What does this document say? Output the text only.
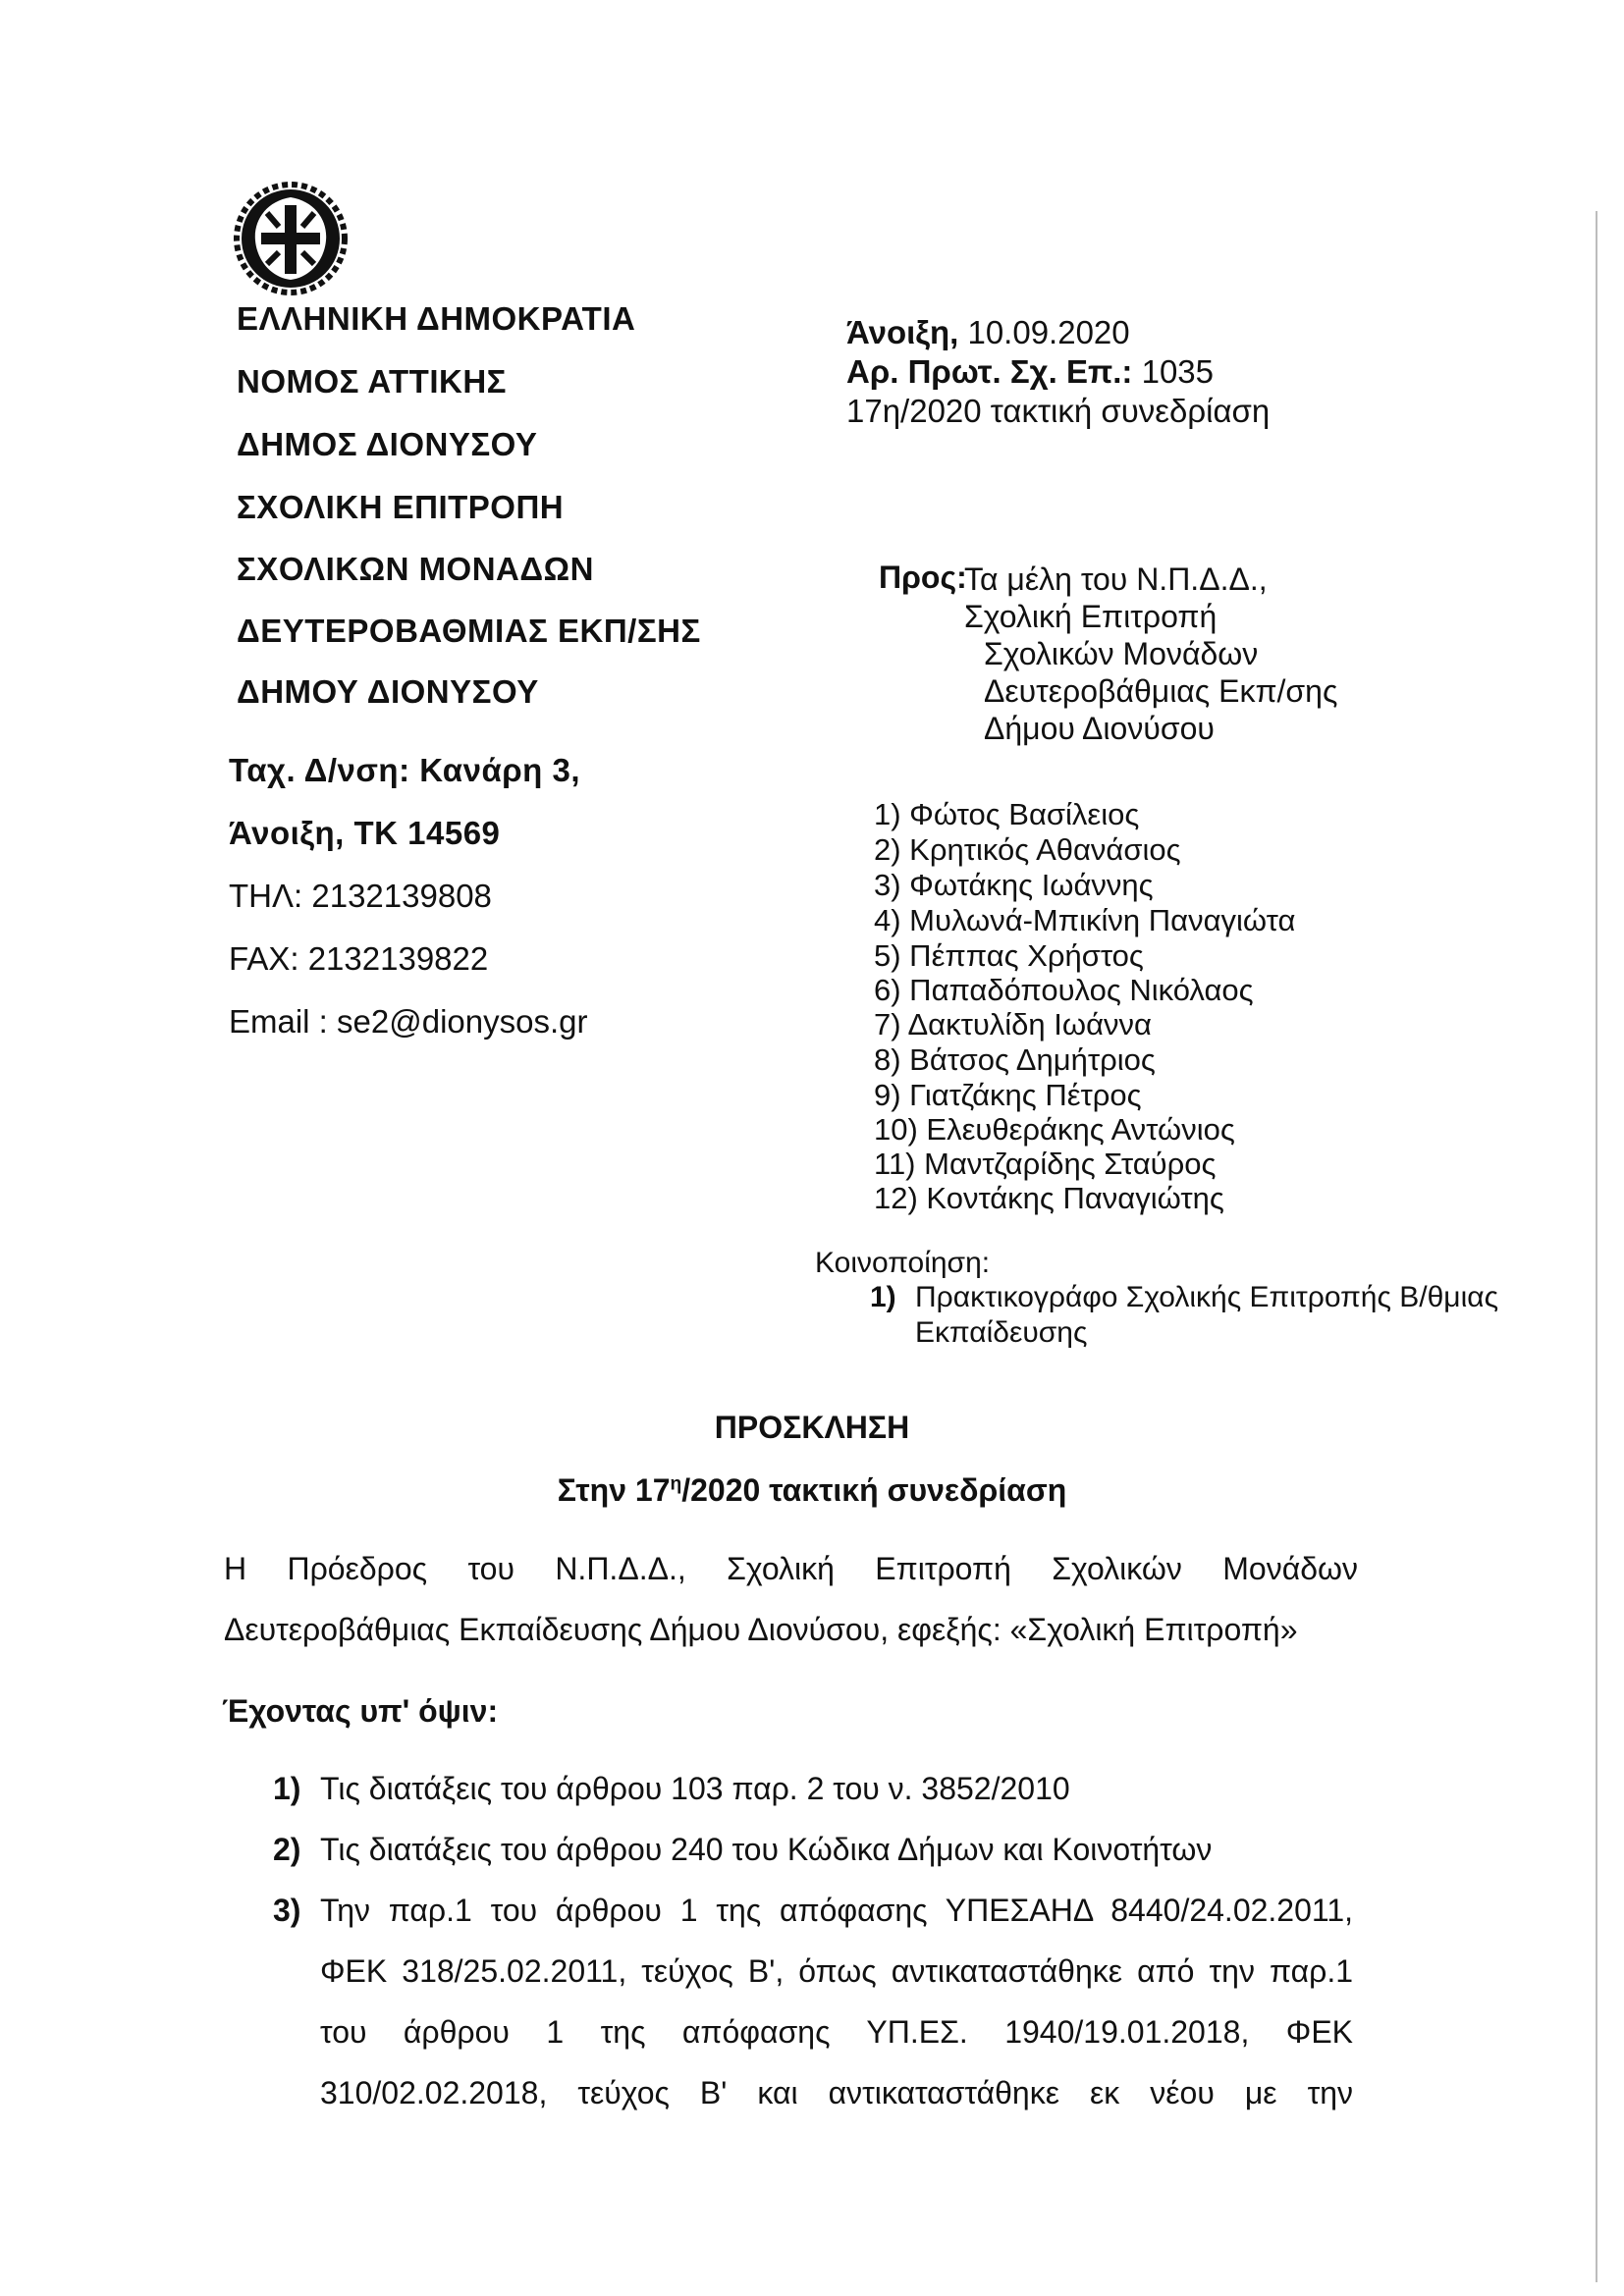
ΕΛΛΗΝΙΚΗ ΔΗΜΟΚΡΑΤΙΑ
ΝΟΜΟΣ ΑΤΤΙΚΗΣ
ΔΗΜΟΣ ΔΙΟΝΥΣΟΥ
ΣΧΟΛΙΚΗ ΕΠΙΤΡΟΠΗ
ΣΧΟΛΙΚΩΝ ΜΟΝΑΔΩΝ
ΔΕΥΤΕΡΟΒΑΘΜΙΑΣ ΕΚΠ/ΣΗΣ
ΔΗΜΟΥ ΔΙΟΝΥΣΟΥ
Ταχ. Δ/νση: Κανάρη 3,
Άνοιξη, ΤΚ 14569
ΤΗΛ: 2132139808
FAX: 2132139822
Email : se2@dionysos.gr
Άνοιξη, 10.09.2020
Αρ. Πρωτ. Σχ. Επ.: 1035
17η/2020 τακτική συνεδρίαση
Προς:
Τα μέλη του Ν.Π.Δ.Δ.,
Σχολική Επιτροπή
Σχολικών Μονάδων
Δευτεροβάθμιας Εκπ/σης
Δήμου Διονύσου
1) Φώτος Βασίλειος
2) Κρητικός Αθανάσιος
3) Φωτάκης Ιωάννης
4) Μυλωνά-Μπικίνη Παναγιώτα
5) Πέππας Χρήστος
6) Παπαδόπουλος Νικόλαος
7) Δακτυλίδη Ιωάννα
8) Βάτσος Δημήτριος
9) Γιατζάκης Πέτρος
10) Ελευθεράκης Αντώνιος
11) Μαντζαρίδης Σταύρος
12) Κοντάκης Παναγιώτης
Κοινοποίηση:
1) Πρακτικογράφο Σχολικής Επιτροπής Β/θμιας
Εκπαίδευσης
ΠΡΟΣΚΛΗΣΗ
Στην $17^\eta/2020$ τακτική συνεδρίαση
Η Πρόεδρος του Ν.Π.Δ.Δ., Σχολική Επιτροπή Σχολικών Μονάδων
Δευτεροβάθμιας Εκπαίδευσης Δήμου Διονύσου, εφεξής: «Σχολική Επιτροπή»
Έχοντας υπ' όψιν:
1) Τις διατάξεις του άρθρου 103 παρ. 2 του ν. 3852/2010
2) Τις διατάξεις του άρθρου 240 του Κώδικα Δήμων και Κοινοτήτων
3) Την παρ.1 του άρθρου 1 της απόφασης ΥΠΕΣΑΗΔ 8440/24.02.2011,
ΦΕΚ 318/25.02.2011, τεύχος Β', όπως αντικαταστάθηκε από την παρ.1
του άρθρου 1 της απόφασης ΥΠ.ΕΣ. 1940/19.01.2018, ΦΕΚ
310/02.02.2018, τεύχος Β' και αντικαταστάθηκε εκ νέου με την
